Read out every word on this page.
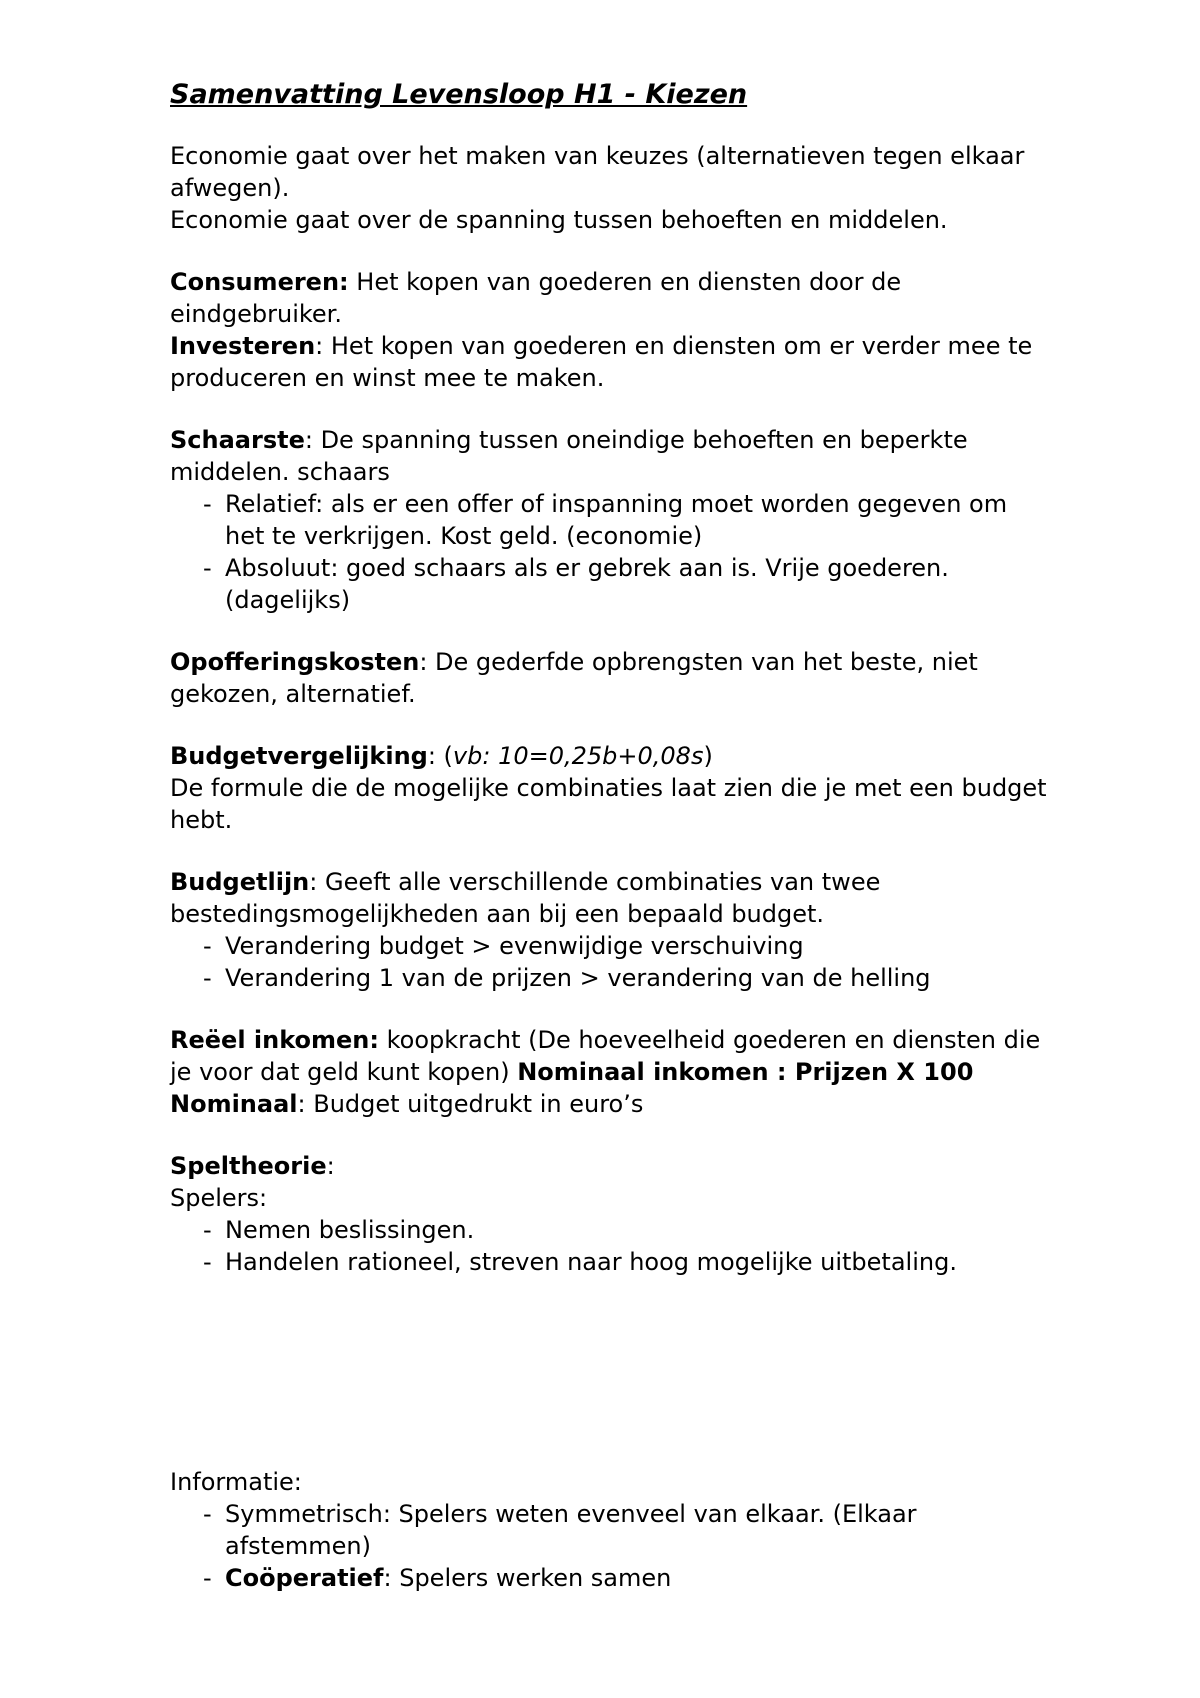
Samenvatting Levensloop H1 - Kiezen
Economie gaat over het maken van keuzes (alternatieven tegen elkaar afwegen).
Economie gaat over de spanning tussen behoeften en middelen.
Consumeren: Het kopen van goederen en diensten door de eindgebruiker.
Investeren: Het kopen van goederen en diensten om er verder mee te produceren en winst mee te maken.
Schaarste: De spanning tussen oneindige behoeften en beperkte middelen. schaars
- Relatief: als er een offer of inspanning moet worden gegeven om het te verkrijgen. Kost geld. (economie)
- Absoluut: goed schaars als er gebrek aan is. Vrije goederen. (dagelijks)
Opofferingskosten: De gederfde opbrengsten van het beste, niet gekozen, alternatief.
Budgetvergelijking: (vb: 10=0,25b+0,08s)
De formule die de mogelijke combinaties laat zien die je met een budget hebt.
Budgetlijn: Geeft alle verschillende combinaties van twee bestedingsmogelijkheden aan bij een bepaald budget.
- Verandering budget > evenwijdige verschuiving
- Verandering 1 van de prijzen > verandering van de helling
Reëel inkomen: koopkracht (De hoeveelheid goederen en diensten die je voor dat geld kunt kopen) Nominaal inkomen : Prijzen X 100
Nominaal: Budget uitgedrukt in euro’s
Speltheorie:
Spelers:
- Nemen beslissingen.
- Handelen rationeel, streven naar hoog mogelijke uitbetaling.
Informatie:
- Symmetrisch: Spelers weten evenveel van elkaar. (Elkaar afstemmen)
- Coöperatief: Spelers werken samen
